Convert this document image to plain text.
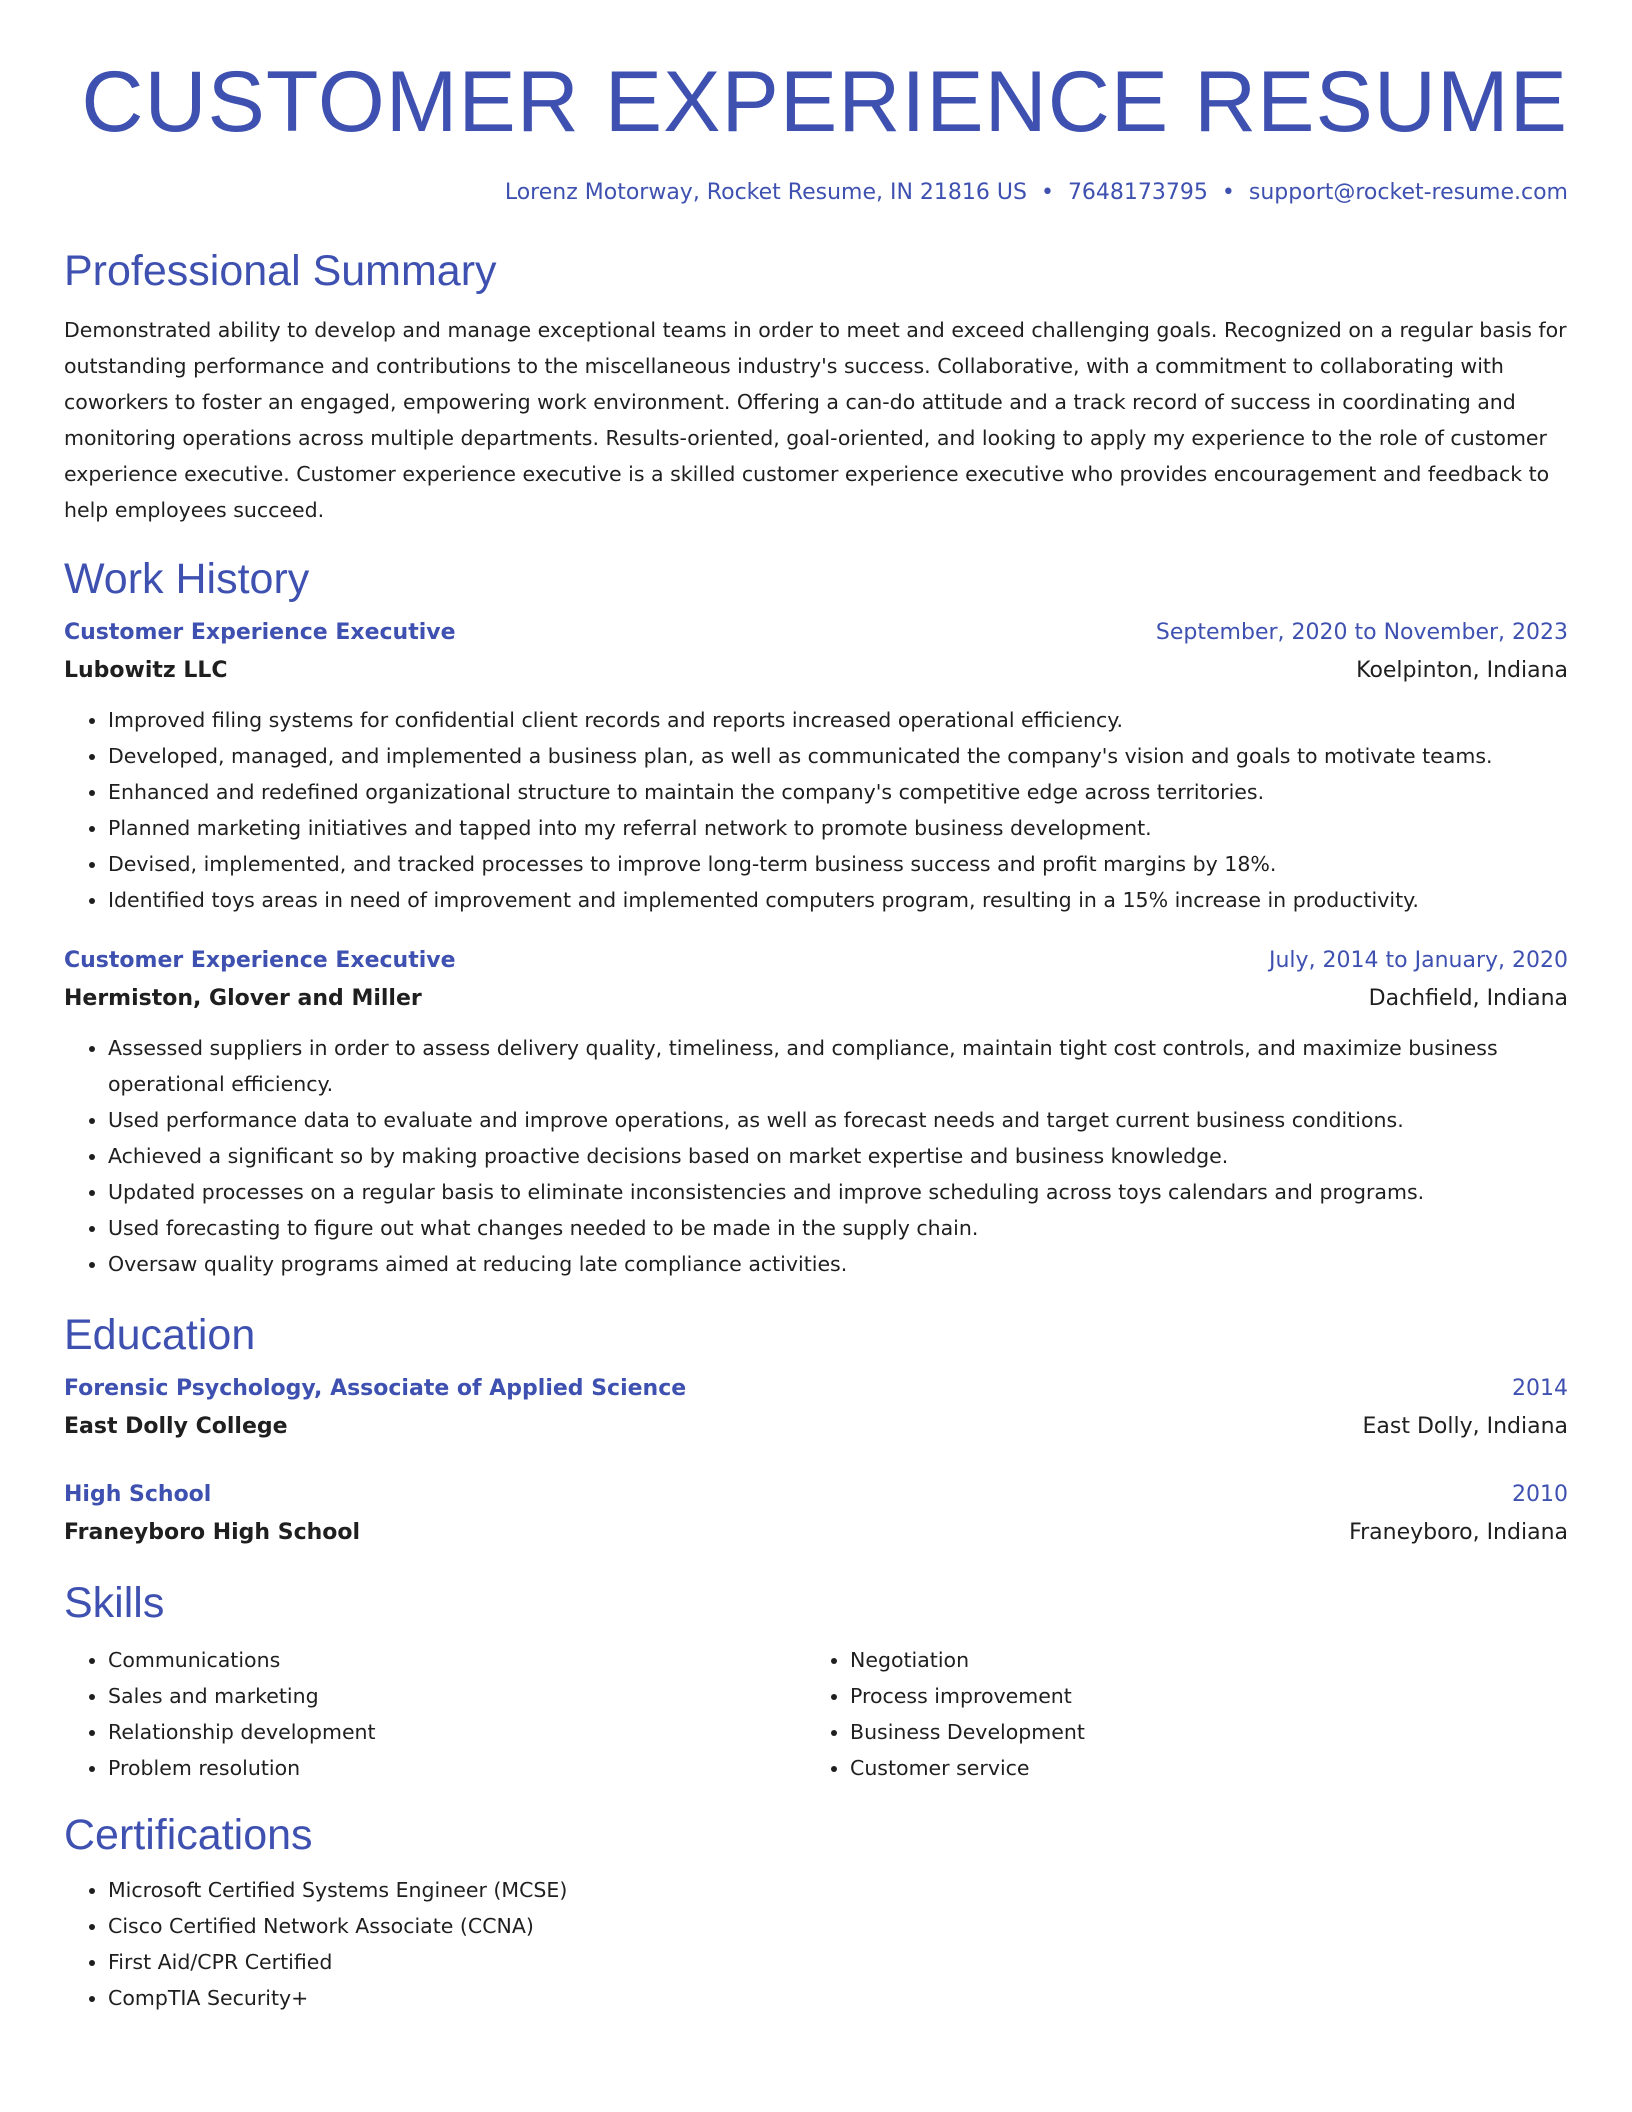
CUSTOMER EXPERIENCE RESUME
Lorenz Motorway, Rocket Resume, IN 21816 US • 7648173795 • support@rocket-resume.com
Professional Summary
Demonstrated ability to develop and manage exceptional teams in order to meet and exceed challenging goals. Recognized on a regular basis for outstanding performance and contributions to the miscellaneous industry's success. Collaborative, with a commitment to collaborating with coworkers to foster an engaged, empowering work environment. Offering a can-do attitude and a track record of success in coordinating and monitoring operations across multiple departments. Results-oriented, goal-oriented, and looking to apply my experience to the role of customer experience executive. Customer experience executive is a skilled customer experience executive who provides encouragement and feedback to help employees succeed.
Work History
Customer Experience Executive	September, 2020 to November, 2023
Lubowitz LLC	Koelpinton, Indiana
• Improved filing systems for confidential client records and reports increased operational efficiency.
• Developed, managed, and implemented a business plan, as well as communicated the company's vision and goals to motivate teams.
• Enhanced and redefined organizational structure to maintain the company's competitive edge across territories.
• Planned marketing initiatives and tapped into my referral network to promote business development.
• Devised, implemented, and tracked processes to improve long-term business success and profit margins by 18%.
• Identified toys areas in need of improvement and implemented computers program, resulting in a 15% increase in productivity.
Customer Experience Executive	July, 2014 to January, 2020
Hermiston, Glover and Miller	Dachfield, Indiana
• Assessed suppliers in order to assess delivery quality, timeliness, and compliance, maintain tight cost controls, and maximize business operational efficiency.
• Used performance data to evaluate and improve operations, as well as forecast needs and target current business conditions.
• Achieved a significant so by making proactive decisions based on market expertise and business knowledge.
• Updated processes on a regular basis to eliminate inconsistencies and improve scheduling across toys calendars and programs.
• Used forecasting to figure out what changes needed to be made in the supply chain.
• Oversaw quality programs aimed at reducing late compliance activities.
Education
Forensic Psychology, Associate of Applied Science	2014
East Dolly College	East Dolly, Indiana
High School	2010
Franeyboro High School	Franeyboro, Indiana
Skills
• Communications
• Sales and marketing
• Relationship development
• Problem resolution
• Negotiation
• Process improvement
• Business Development
• Customer service
Certifications
• Microsoft Certified Systems Engineer (MCSE)
• Cisco Certified Network Associate (CCNA)
• First Aid/CPR Certified
• CompTIA Security+
